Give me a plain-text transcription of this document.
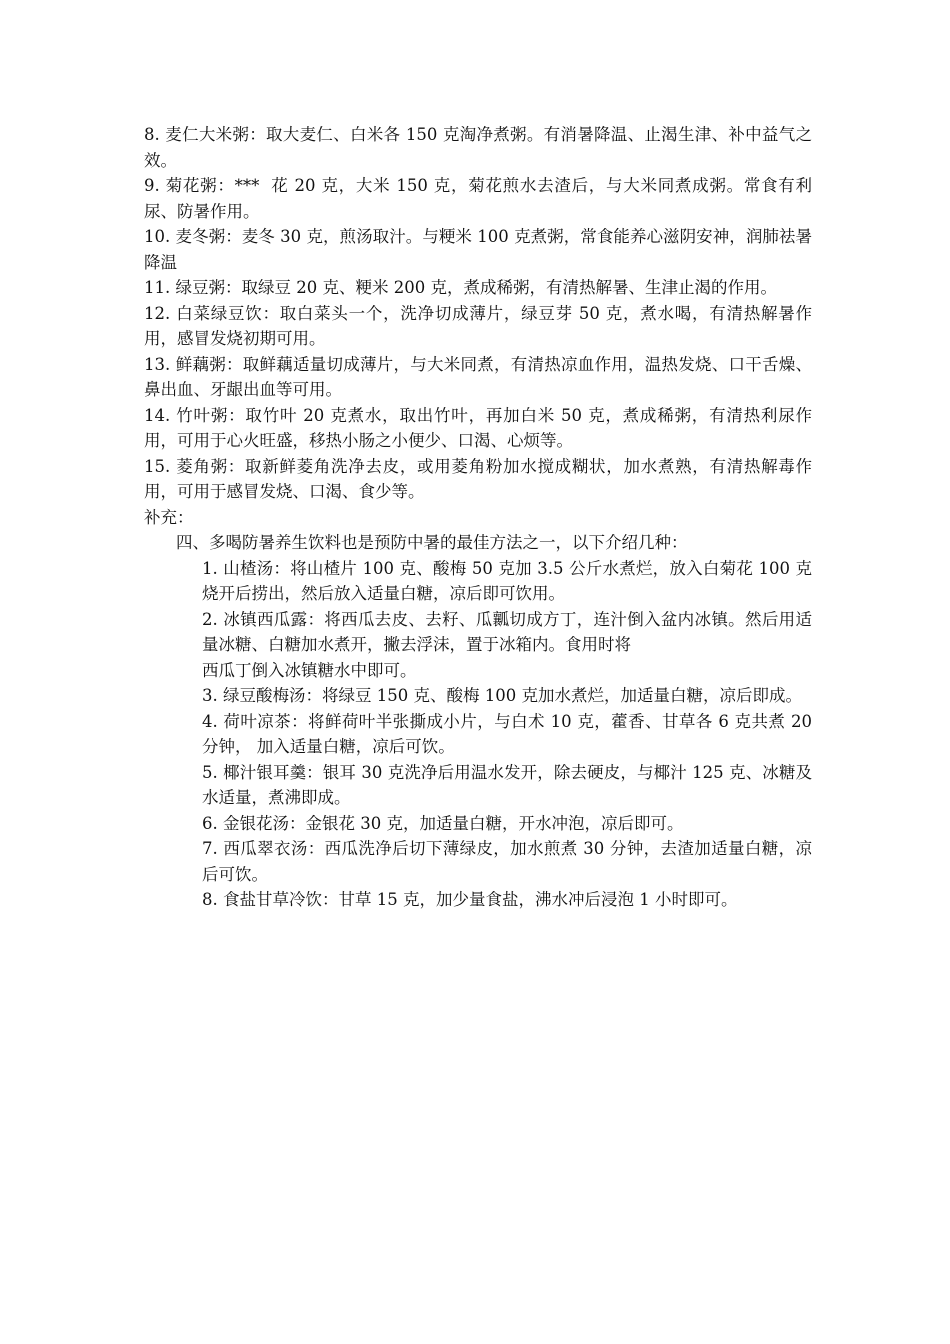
8. 麦仁大米粥：取大麦仁、白米各 150 克淘净煮粥。有消暑降温、止渴生津、补中益气之效。

9. 菊花粥：***  花 20 克，大米 150 克，菊花煎水去渣后，与大米同煮成粥。常食有利尿、防暑作用。

10. 麦冬粥：麦冬 30 克，煎汤取汁。与粳米 100 克煮粥，常食能养心滋阴安神，润肺祛暑降温

11. 绿豆粥：取绿豆 20 克、粳米 200 克，煮成稀粥，有清热解暑、生津止渴的作用。

12. 白菜绿豆饮：取白菜头一个，洗净切成薄片，绿豆芽 50 克，煮水喝，有清热解暑作用，感冒发烧初期可用。

13. 鲜藕粥：取鲜藕适量切成薄片，与大米同煮，有清热凉血作用，温热发烧、口干舌燥、鼻出血、牙龈出血等可用。

14. 竹叶粥：取竹叶 20 克煮水，取出竹叶，再加白米 50 克，煮成稀粥，有清热利尿作用，可用于心火旺盛，移热小肠之小便少、口渴、心烦等。

15. 菱角粥：取新鲜菱角洗净去皮，或用菱角粉加水搅成糊状，加水煮熟，有清热解毒作用，可用于感冒发烧、口渴、食少等。

补充：

四、多喝防暑养生饮料也是预防中暑的最佳方法之一，以下介绍几种：

1. 山楂汤：将山楂片 100 克、酸梅 50 克加 3.5 公斤水煮烂，放入白菊花 100 克烧开后捞出，然后放入适量白糖，凉后即可饮用。

2. 冰镇西瓜露：将西瓜去皮、去籽、瓜瓤切成方丁，连汁倒入盆内冰镇。然后用适量冰糖、白糖加水煮开，撇去浮沫，置于冰箱内。食用时将
西瓜丁倒入冰镇糖水中即可。

3. 绿豆酸梅汤：将绿豆 150 克、酸梅 100 克加水煮烂，加适量白糖，凉后即成。

4. 荷叶凉茶：将鲜荷叶半张撕成小片，与白术 10 克，藿香、甘草各 6 克共煮 20 分钟， 加入适量白糖，凉后可饮。

5. 椰汁银耳羹：银耳 30 克洗净后用温水发开，除去硬皮，与椰汁 125 克、冰糖及水适量，煮沸即成。

6. 金银花汤：金银花 30 克，加适量白糖，开水冲泡，凉后即可。

7. 西瓜翠衣汤：西瓜洗净后切下薄绿皮，加水煎煮 30 分钟，去渣加适量白糖，凉后可饮。

8. 食盐甘草冷饮：甘草 15 克，加少量食盐，沸水冲后浸泡 1 小时即可。
